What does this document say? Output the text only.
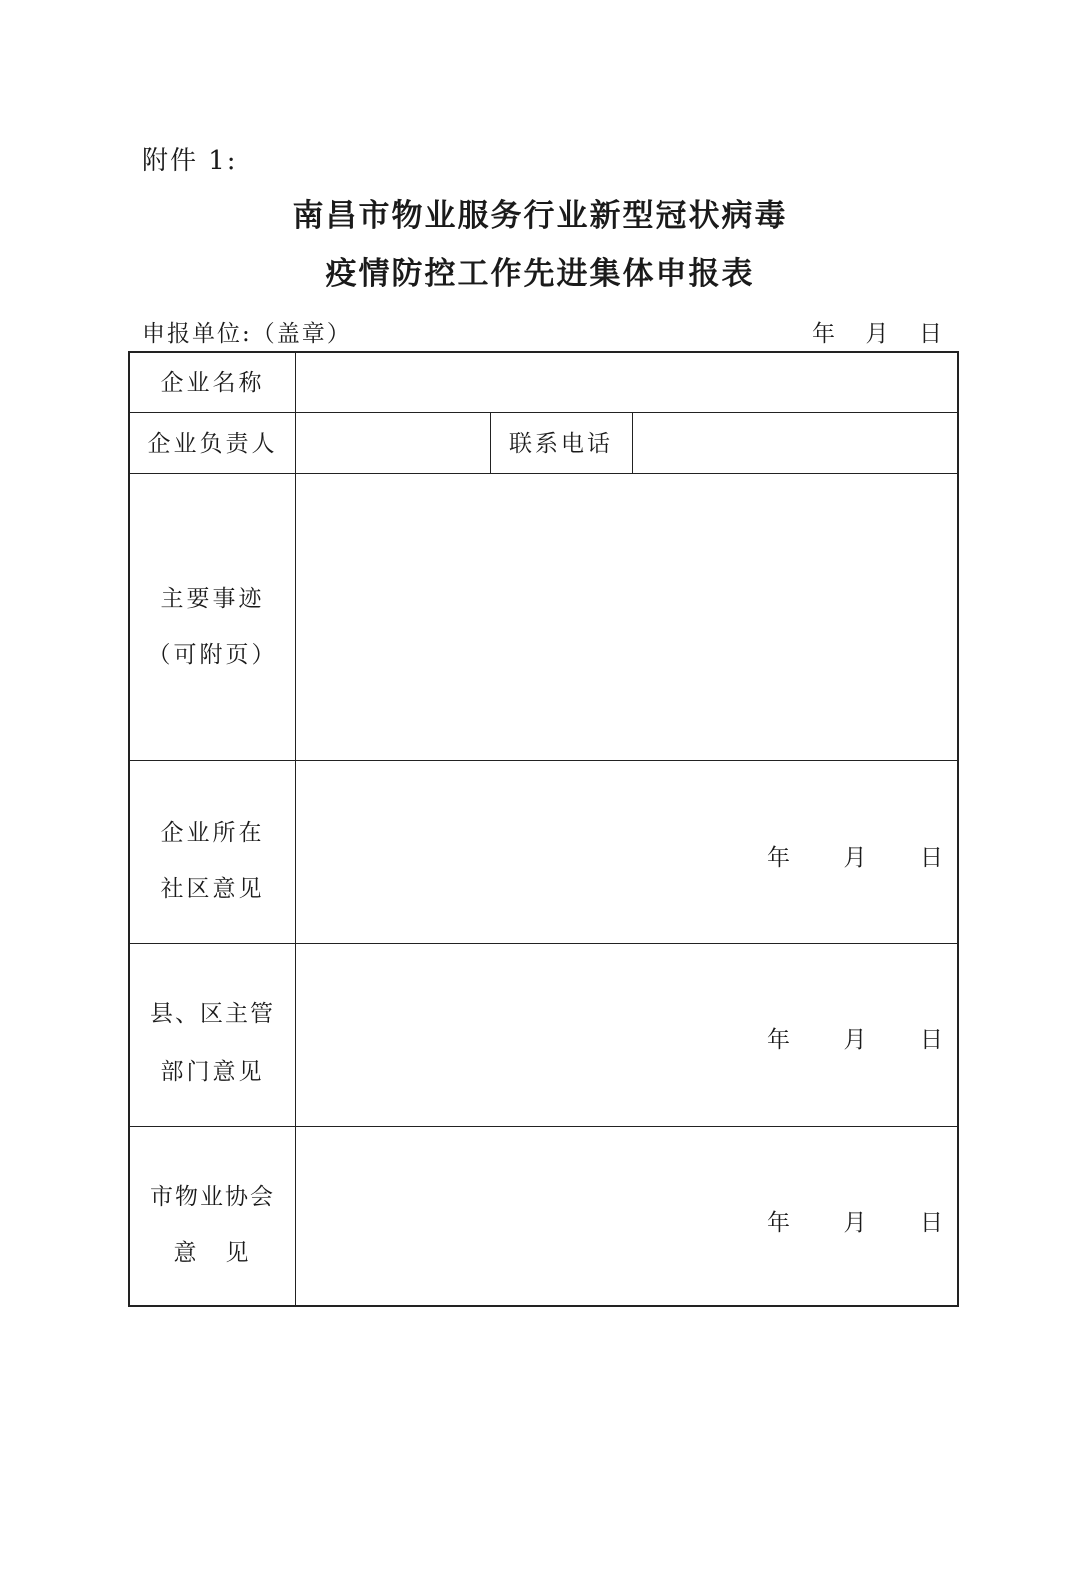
附件 1:
南昌市物业服务行业新型冠状病毒
疫情防控工作先进集体申报表
申报单位:（盖章）	年 月 日
企业名称
企业负责人	联系电话
主要事迹
（可附页）
企业所在
社区意见
年 月 日
县、区主管
部门意见
年 月 日
市物业协会
意　见
年 月 日
